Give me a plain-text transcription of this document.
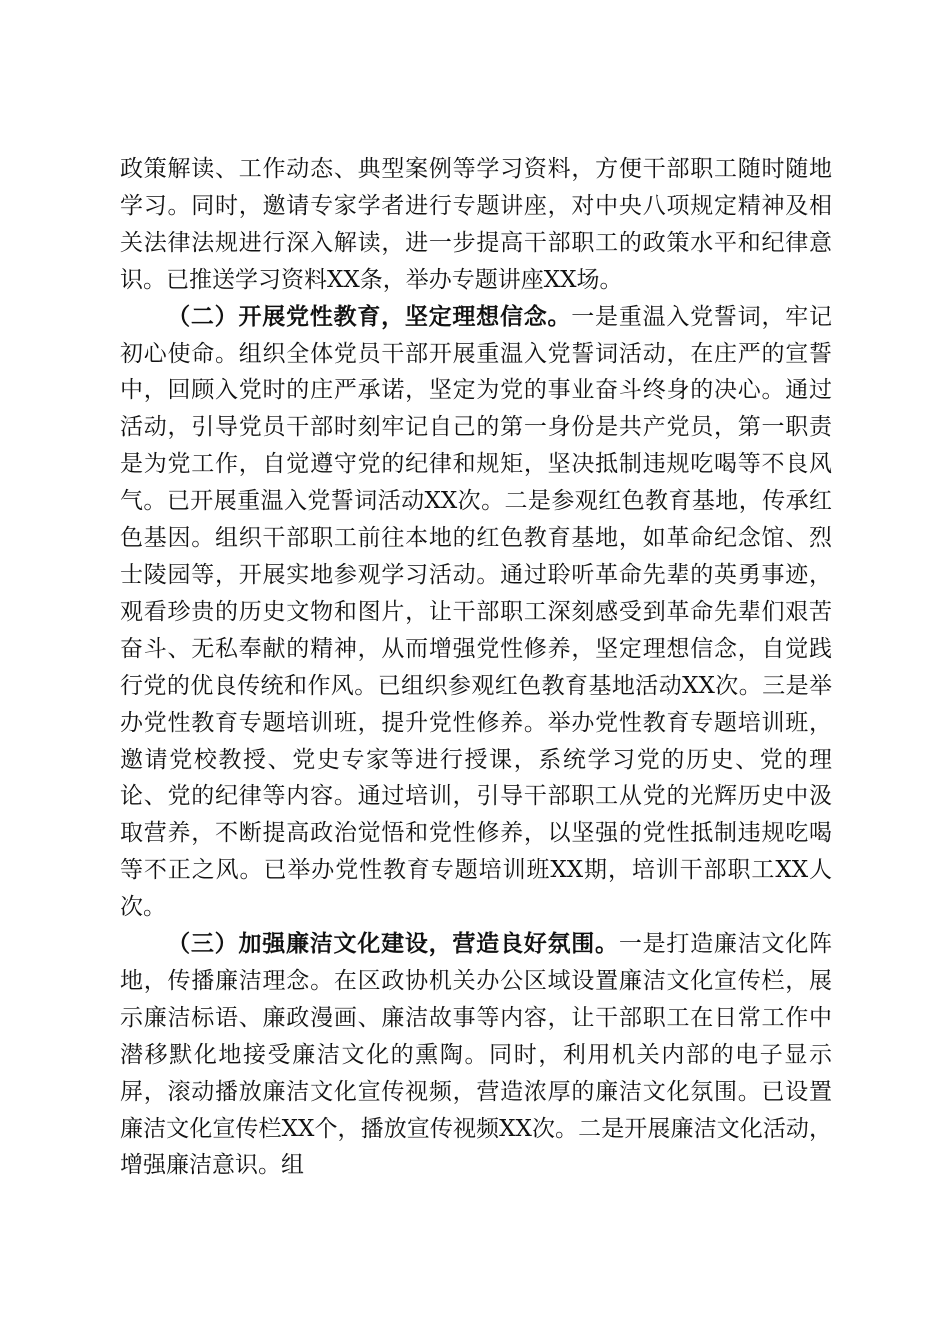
政策解读、工作动态、典型案例等学习资料，方便干部职工随时随地学习。同时，邀请专家学者进行专题讲座，对中央八项规定精神及相关法律法规进行深入解读，进一步提高干部职工的政策水平和纪律意识。已推送学习资料XX条，举办专题讲座XX场。

（二）开展党性教育，坚定理想信念。一是重温入党誓词，牢记初心使命。组织全体党员干部开展重温入党誓词活动，在庄严的宣誓中，回顾入党时的庄严承诺，坚定为党的事业奋斗终身的决心。通过活动，引导党员干部时刻牢记自己的第一身份是共产党员，第一职责是为党工作，自觉遵守党的纪律和规矩，坚决抵制违规吃喝等不良风气。已开展重温入党誓词活动XX次。二是参观红色教育基地，传承红色基因。组织干部职工前往本地的红色教育基地，如革命纪念馆、烈士陵园等，开展实地参观学习活动。通过聆听革命先辈的英勇事迹，观看珍贵的历史文物和图片，让干部职工深刻感受到革命先辈们艰苦奋斗、无私奉献的精神，从而增强党性修养，坚定理想信念，自觉践行党的优良传统和作风。已组织参观红色教育基地活动XX次。三是举办党性教育专题培训班，提升党性修养。举办党性教育专题培训班，邀请党校教授、党史专家等进行授课，系统学习党的历史、党的理论、党的纪律等内容。通过培训，引导干部职工从党的光辉历史中汲取营养，不断提高政治觉悟和党性修养，以坚强的党性抵制违规吃喝等不正之风。已举办党性教育专题培训班XX期，培训干部职工XX人次。

（三）加强廉洁文化建设，营造良好氛围。一是打造廉洁文化阵地，传播廉洁理念。在区政协机关办公区域设置廉洁文化宣传栏，展示廉洁标语、廉政漫画、廉洁故事等内容，让干部职工在日常工作中潜移默化地接受廉洁文化的熏陶。同时，利用机关内部的电子显示屏，滚动播放廉洁文化宣传视频，营造浓厚的廉洁文化氛围。已设置廉洁文化宣传栏XX个，播放宣传视频XX次。二是开展廉洁文化活动，增强廉洁意识。组
